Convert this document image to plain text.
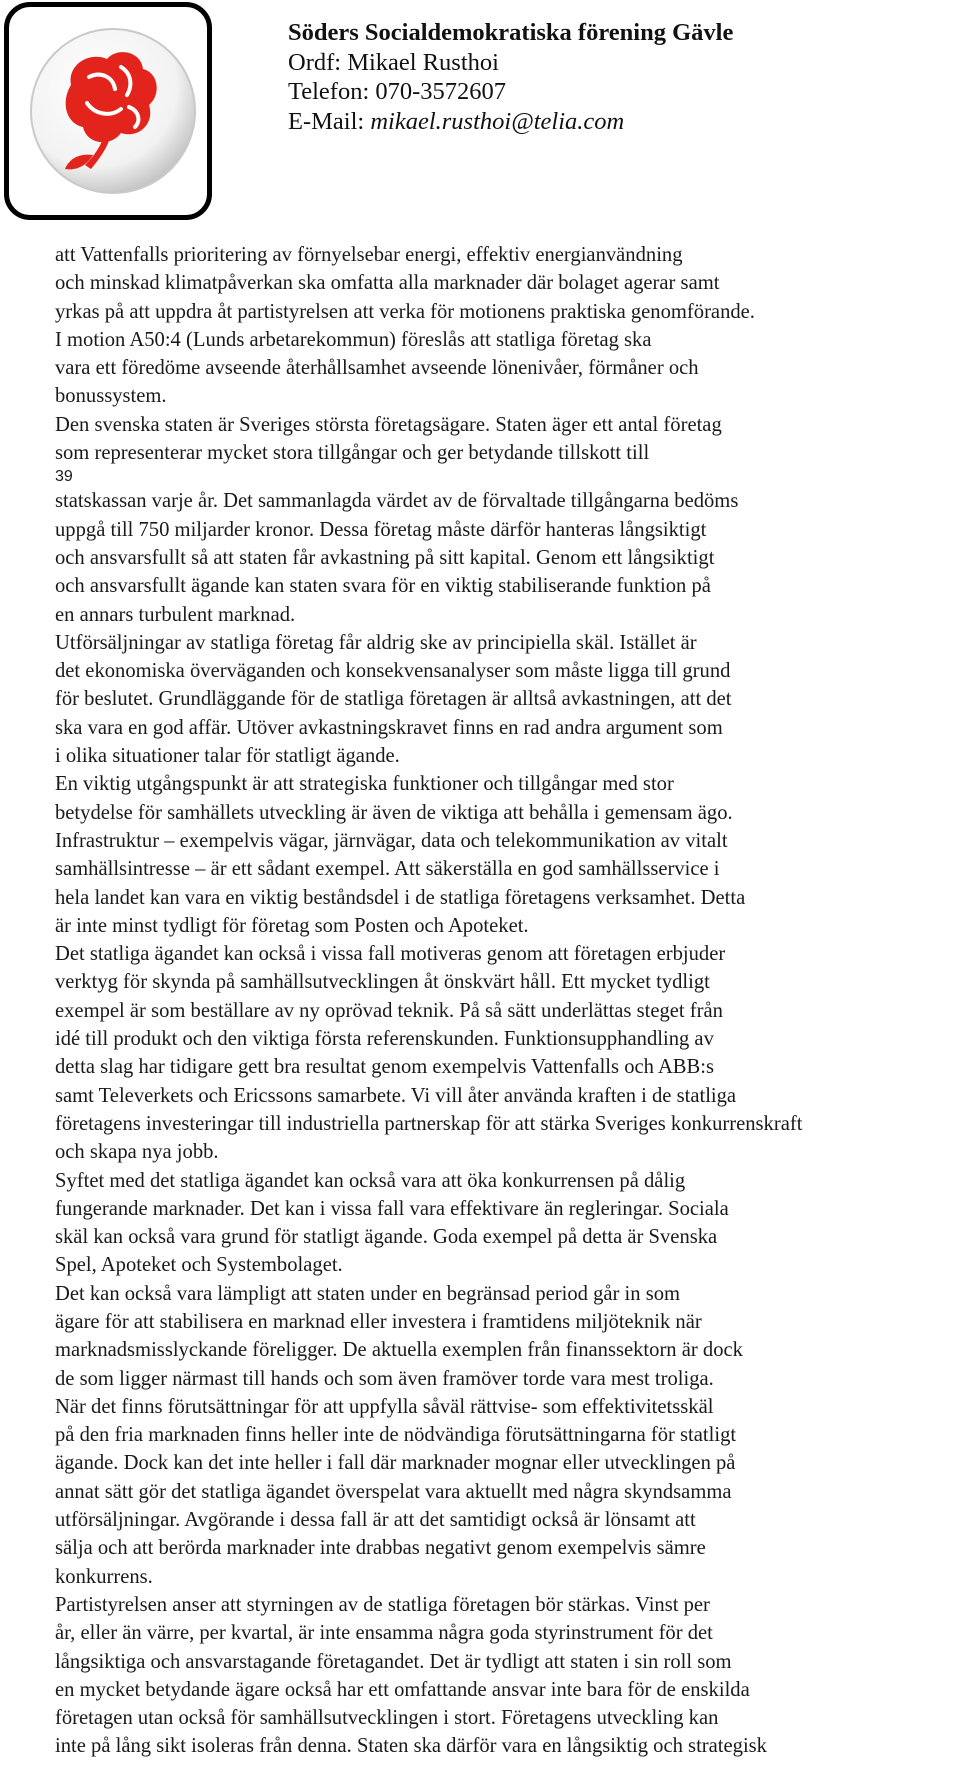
Söders Socialdemokratiska förening Gävle
Ordf: Mikael Rusthoi
Telefon: 070-3572607
E-Mail: mikael.rusthoi@telia.com
att Vattenfalls prioritering av förnyelsebar energi, effektiv energianvändning
och minskad klimatpåverkan ska omfatta alla marknader där bolaget agerar samt
yrkas på att uppdra åt partistyrelsen att verka för motionens praktiska genomförande.
I motion A50:4 (Lunds arbetarekommun) föreslås att statliga företag ska
vara ett föredöme avseende återhållsamhet avseende lönenivåer, förmåner och
bonussystem.
Den svenska staten är Sveriges största företagsägare. Staten äger ett antal företag
som representerar mycket stora tillgångar och ger betydande tillskott till
39
statskassan varje år. Det sammanlagda värdet av de förvaltade tillgångarna bedöms
uppgå till 750 miljarder kronor. Dessa företag måste därför hanteras långsiktigt
och ansvarsfullt så att staten får avkastning på sitt kapital. Genom ett långsiktigt
och ansvarsfullt ägande kan staten svara för en viktig stabiliserande funktion på
en annars turbulent marknad.
Utförsäljningar av statliga företag får aldrig ske av principiella skäl. Istället är
det ekonomiska överväganden och konsekvensanalyser som måste ligga till grund
för beslutet. Grundläggande för de statliga företagen är alltså avkastningen, att det
ska vara en god affär. Utöver avkastningskravet finns en rad andra argument som
i olika situationer talar för statligt ägande.
En viktig utgångspunkt är att strategiska funktioner och tillgångar med stor
betydelse för samhällets utveckling är även de viktiga att behålla i gemensam ägo.
Infrastruktur – exempelvis vägar, järnvägar, data och telekommunikation av vitalt
samhällsintresse – är ett sådant exempel. Att säkerställa en god samhällsservice i
hela landet kan vara en viktig beståndsdel i de statliga företagens verksamhet. Detta
är inte minst tydligt för företag som Posten och Apoteket.
Det statliga ägandet kan också i vissa fall motiveras genom att företagen erbjuder
verktyg för skynda på samhällsutvecklingen åt önskvärt håll. Ett mycket tydligt
exempel är som beställare av ny oprövad teknik. På så sätt underlättas steget från
idé till produkt och den viktiga första referenskunden. Funktionsupphandling av
detta slag har tidigare gett bra resultat genom exempelvis Vattenfalls och ABB:s
samt Televerkets och Ericssons samarbete. Vi vill åter använda kraften i de statliga
företagens investeringar till industriella partnerskap för att stärka Sveriges konkurrenskraft
och skapa nya jobb.
Syftet med det statliga ägandet kan också vara att öka konkurrensen på dålig
fungerande marknader. Det kan i vissa fall vara effektivare än regleringar. Sociala
skäl kan också vara grund för statligt ägande. Goda exempel på detta är Svenska
Spel, Apoteket och Systembolaget.
Det kan också vara lämpligt att staten under en begränsad period går in som
ägare för att stabilisera en marknad eller investera i framtidens miljöteknik när
marknadsmisslyckande föreligger. De aktuella exemplen från finanssektorn är dock
de som ligger närmast till hands och som även framöver torde vara mest troliga.
När det finns förutsättningar för att uppfylla såväl rättvise- som effektivitetsskäl
på den fria marknaden finns heller inte de nödvändiga förutsättningarna för statligt
ägande. Dock kan det inte heller i fall där marknader mognar eller utvecklingen på
annat sätt gör det statliga ägandet överspelat vara aktuellt med några skyndsamma
utförsäljningar. Avgörande i dessa fall är att det samtidigt också är lönsamt att
sälja och att berörda marknader inte drabbas negativt genom exempelvis sämre
konkurrens.
Partistyrelsen anser att styrningen av de statliga företagen bör stärkas. Vinst per
år, eller än värre, per kvartal, är inte ensamma några goda styrinstrument för det
långsiktiga och ansvarstagande företagandet. Det är tydligt att staten i sin roll som
en mycket betydande ägare också har ett omfattande ansvar inte bara för de enskilda
företagen utan också för samhällsutvecklingen i stort. Företagens utveckling kan
inte på lång sikt isoleras från denna. Staten ska därför vara en långsiktig och strategisk
